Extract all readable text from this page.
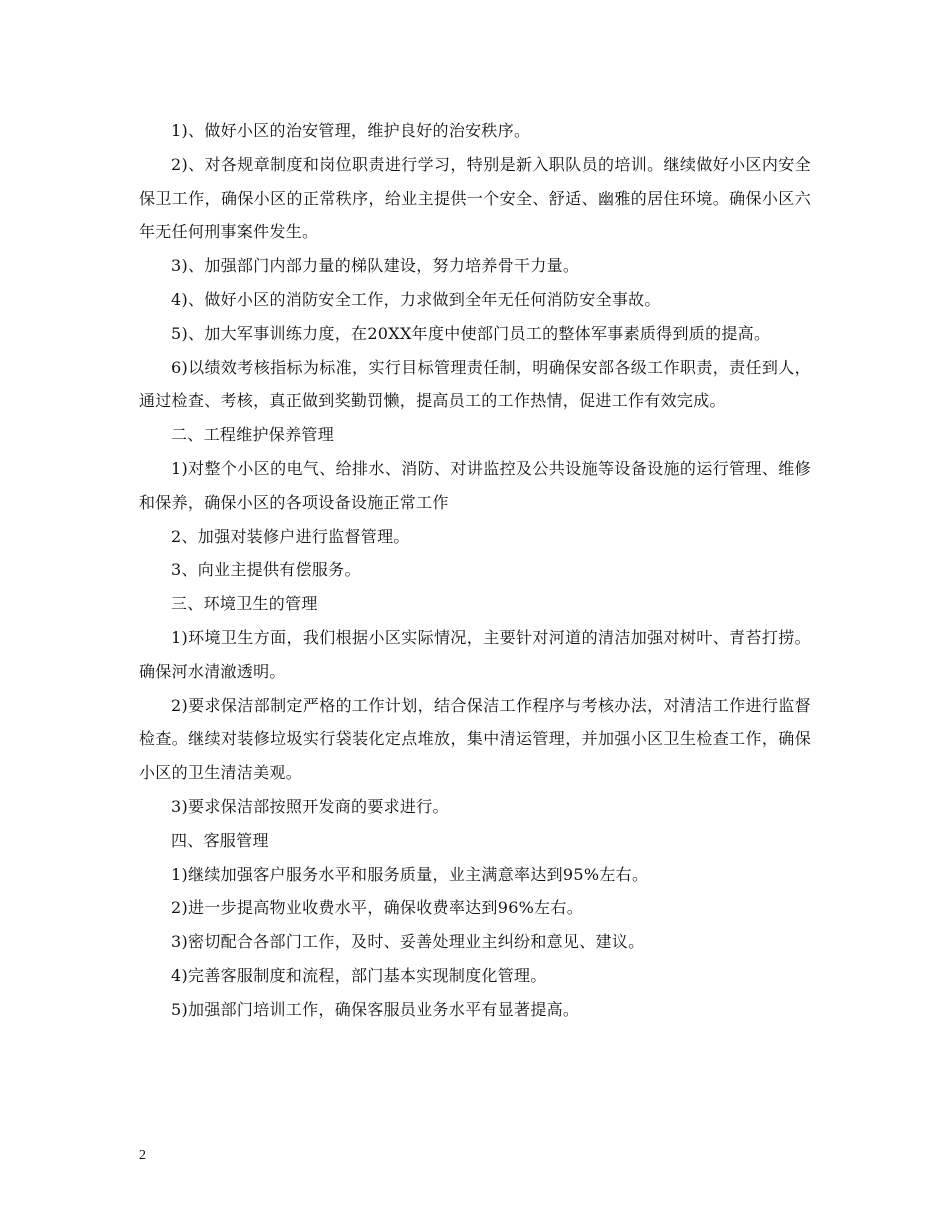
1)、做好小区的治安管理，维护良好的治安秩序。

2)、对各规章制度和岗位职责进行学习，特别是新入职队员的培训。继续做好小区内安全保卫工作，确保小区的正常秩序，给业主提供一个安全、舒适、幽雅的居住环境。确保小区六年无任何刑事案件发生。

3)、加强部门内部力量的梯队建设，努力培养骨干力量。

4)、做好小区的消防安全工作，力求做到全年无任何消防安全事故。

5)、加大军事训练力度，在20XX年度中使部门员工的整体军事素质得到质的提高。

6)以绩效考核指标为标准，实行目标管理责任制，明确保安部各级工作职责，责任到人，通过检查、考核，真正做到奖勤罚懒，提高员工的工作热情，促进工作有效完成。

二、工程维护保养管理

1)对整个小区的电气、给排水、消防、对讲监控及公共设施等设备设施的运行管理、维修和保养，确保小区的各项设备设施正常工作

2、加强对装修户进行监督管理。

3、向业主提供有偿服务。

三、环境卫生的管理

1)环境卫生方面，我们根据小区实际情况，主要针对河道的清洁加强对树叶、青苔打捞。确保河水清澈透明。

2)要求保洁部制定严格的工作计划，结合保洁工作程序与考核办法，对清洁工作进行监督检查。继续对装修垃圾实行袋装化定点堆放，集中清运管理，并加强小区卫生检查工作，确保小区的卫生清洁美观。

3)要求保洁部按照开发商的要求进行。

四、客服管理

1)继续加强客户服务水平和服务质量，业主满意率达到95%左右。

2)进一步提高物业收费水平，确保收费率达到96%左右。

3)密切配合各部门工作，及时、妥善处理业主纠纷和意见、建议。

4)完善客服制度和流程，部门基本实现制度化管理。

5)加强部门培训工作，确保客服员业务水平有显著提高。

2
